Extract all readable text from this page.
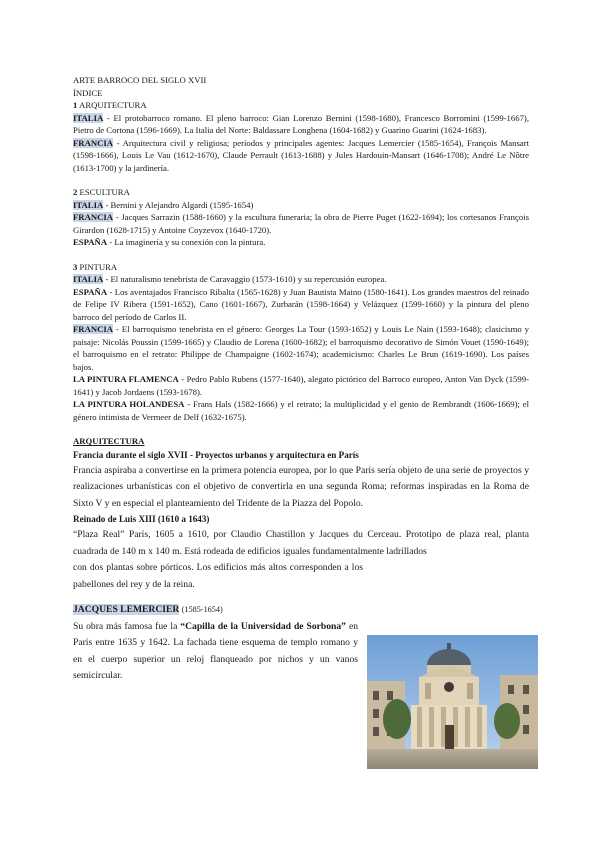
ARTE BARROCO DEL SIGLO XVII

ÍNDICE

1 ARQUITECTURA

ITALIA - El protobarroco romano. El pleno barroco: Gian Lorenzo Bernini (1598-1680), Francesco Borromini (1599-1667), Pietro de Cortona (1596-1669). La Italia del Norte: Baldassare Longhena (1604-1682) y Guarino Guarini (1624-1683).

FRANCIA - Arquitectura civil y religiosa; períodos y principales agentes: Jacques Lemercier (1585-1654), François Mansart (1598-1666), Louis Le Vau (1612-1670), Claude Perrault (1613-1688) y Jules Hardouin-Mansart (1646-1708); André Le Nôtre (1613-1700) y la jardinería.

2 ESCULTURA

ITALIA - Bernini y Alejandro Algardi (1595-1654)

FRANCIA - Jacques Sarrazin (1588-1660) y la escultura funeraria; la obra de Pierre Puget (1622-1694); los cortesanos François Girardon (1628-1715) y Antoine Coyzevox (1640-1720).

ESPAÑA - La imaginería y su conexión con la pintura.

3 PINTURA

ITALIA - El naturalismo tenebrista de Caravaggio (1573-1610) y su repercusión europea.

ESPAÑA - Los aventajados Francisco Ribalta (1565-1628) y Juan Bautista Maino (1580-1641). Los grandes maestros del reinado de Felipe IV Ribera (1591-1652), Cano (1601-1667), Zurbarán (1598-1664) y Velázquez (1599-1660) y la pintura del pleno barroco del período de Carlos II.

FRANCIA - El barroquismo tenebrista en el género: Georges La Tour (1593-1652) y Louis Le Nain (1593-1648); clasicismo y paisaje: Nicolás Poussin (1599-1665) y Claudio de Lorena (1600-1682); el barroquismo decorativo de Simón Vouet (1590-1649); el barroquismo en el retrato: Philippe de Champaigne (1602-1674); academicismo: Charles Le Brun (1619-1690). Los países bajos.

LA PINTURA FLAMENCA - Pedro Pablo Rubens (1577-1640), alegato pictórico del Barroco europeo, Anton Van Dyck (1599-1641) y Jacob Jordaens (1593-1678).

LA PINTURA HOLANDESA - Frans Hals (1582-1666) y el retrato; la multiplicidad y el genio de Rembrandt (1606-1669); el género intimista de Vermeer de Delf (1632-1675).

ARQUITECTURA

Francia durante el siglo XVII - Proyectos urbanos y arquitectura en París

Francia aspiraba a convertirse en la primera potencia europea, por lo que París sería objeto de una serie de proyectos y realizaciones urbanísticas con el objetivo de convertirla en una segunda Roma; reformas inspiradas en la Roma de Sixto V y en especial el planteamiento del Tridente de la Piazza del Popolo.

Reinado de Luis XIII (1610 a 1643)

“Plaza Real” París, 1605 a 1610, por Claudio Chastillon y Jacques du Cerceau. Prototipo de plaza real, planta cuadrada de 140 m x 140 m. Está rodeada de edificios iguales fundamentalmente ladrillados

con dos plantas sobre pórticos. Los edificios más altos corresponden a los pabellones del rey y de la reina.

JACQUES LEMERCIER (1585-1654)

Su obra más famosa fue la “Capilla de la Universidad de Sorbona” en París entre 1635 y 1642. La fachada tiene esquema de templo romano y en el cuerpo superior un reloj flanqueado por nichos y un vanos semicircular.
